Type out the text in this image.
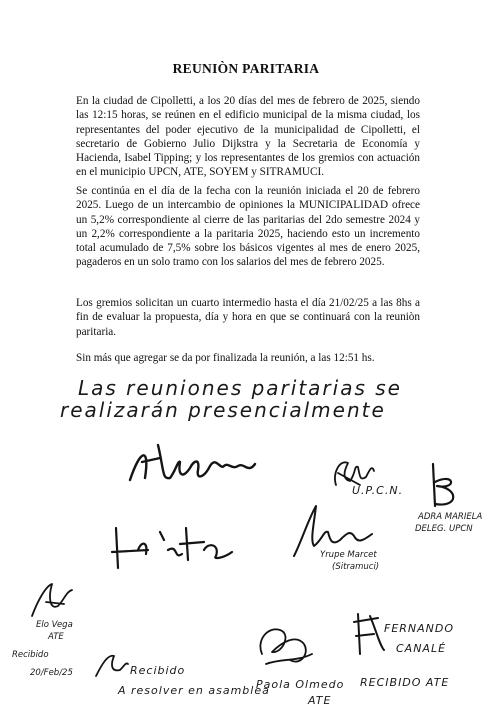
REUNIÒN PARITARIA

En la ciudad de Cipolletti, a los 20 días del mes de febrero de 2025, siendo las 12:15 horas, se reúnen en el edificio municipal de la misma ciudad, los representantes del poder ejecutivo de la municipalidad de Cipolletti, el secretario de Gobierno Julio Dijkstra y la Secretaria de Economía y Hacienda, Isabel Tipping; y los representantes de los gremios con actuación en el municipio UPCN, ATE, SOYEM y SITRAMUCI.

Se continúa en el día de la fecha con la reunión iniciada el 20 de febrero 2025. Luego de un intercambio de opiniones la MUNICIPALIDAD ofrece un 5,2% correspondiente al cierre de las paritarias del 2do semestre 2024 y un 2,2% correspondiente a la paritaria 2025, haciendo esto un incremento total acumulado de 7,5% sobre los básicos vigentes al mes de enero 2025, pagaderos en un solo tramo con los salarios del mes de febrero 2025.

Los gremios solicitan un cuarto intermedio hasta el día 21/02/25 a las 8hs a fin de evaluar la propuesta, día y hora en que se continuará con la reuniòn paritaria.

Sin más que agregar se da por finalizada la reunión, a las 12:51 hs.

Las reuniones paritarias se
realizarán presencialmente
U.P.C.N.
ADRA MARIELA
DELEG. UPCN
Yrupe Marcet
(Sitramuci)
Elo Vega
ATE
Recibido
20/Feb/25	Recibido
A resolver en asamblea
Paola Olmedo
ATE
FERNANDO
CANALÉ
RECIBIDO ATE
